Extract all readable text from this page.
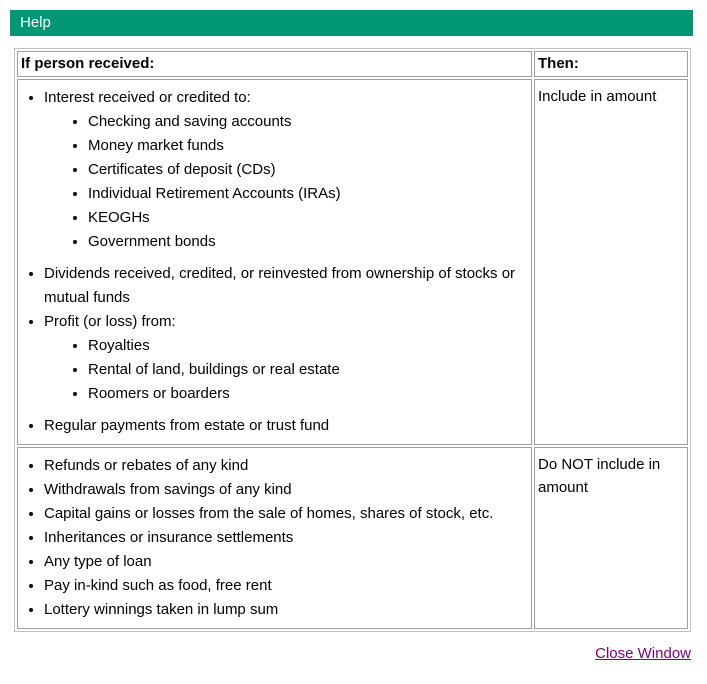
Help
If person received:	Then:

• Interest received or credited to:
• Checking and saving accounts
• Money market funds
• Certificates of deposit (CDs)
• Individual Retirement Accounts (IRAs)
• KEOGHs
• Government bonds
• Dividends received, credited, or reinvested from ownership of stocks or mutual funds
• Profit (or loss) from:
• Royalties
• Rental of land, buildings or real estate
• Roomers or boarders
• Regular payments from estate or trust fund
	Include in amount

• Refunds or rebates of any kind
• Withdrawals from savings of any kind
• Capital gains or losses from the sale of homes, shares of stock, etc.
• Inheritances or insurance settlements
• Any type of loan
• Pay in-kind such as food, free rent
• Lottery winnings taken in lump sum
	Do NOT include in amount
Close Window
